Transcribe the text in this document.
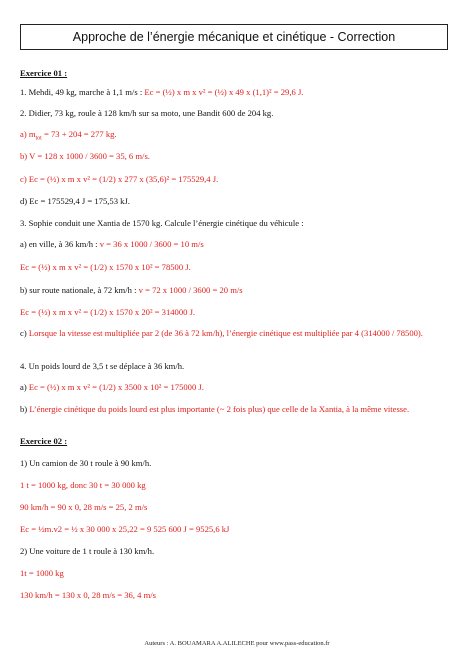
Approche de l’énergie mécanique et cinétique - Correction
Exercice 01 :
1. Mehdi, 49 kg, marche à 1,1 m/s : Ec = (½) x m x v² = (½) x 49 x (1,1)² = 29,6 J.
2. Didier, 73 kg, roule à 128 km/h sur sa moto, une Bandit 600 de 204 kg.
a) $m_{tot} = 73 + 204 = 277$ kg.
b) V = 128 x 1000 / 3600 = 35, 6 m/s.
c) Ec = (½) x m x v² = (1/2) x 277 x (35,6)² = 175529,4 J.
d) Ec = 175529,4 J = 175,53 kJ.
3. Sophie conduit une Xantia de 1570 kg. Calcule l’énergie cinétique du véhicule :
a) en ville, à 36 km/h : v = 36 x 1000 / 3600 = 10 m/s
Ec = (½) x m x v² = (1/2) x 1570 x 10² = 78500 J.
b) sur route nationale, à 72 km/h : v = 72 x 1000 / 3600 = 20 m/s
Ec = (½) x m x v² = (1/2) x 1570 x 20² = 314000 J.
c) Lorsque la vitesse est multipliée par 2 (de 36 à 72 km/h), l’énergie cinétique est multipliée par 4 (314000 / 78500).
4. Un poids lourd de 3,5 t se déplace à 36 km/h.
a) Ec = (½) x m x v² = (1/2) x 3500 x 10² = 175000 J.
b) L’énergie cinétique du poids lourd est plus importante (~ 2 fois plus) que celle de la Xantia, à la même vitesse.
Exercice 02 :
1) Un camion de 30 t roule à 90 km/h.
1 t = 1000 kg, donc 30 t = 30 000 kg
90 km/h = 90 x 0, 28 m/s = 25, 2 m/s
Ec = ½m.v2 = ½ x 30 000 x 25,22 = 9 525 600 J = 9525,6 kJ
2) Une voiture de 1 t roule à 130 km/h.
1t = 1000 kg
130 km/h = 130 x 0, 28 m/s = 36, 4 m/s
Auteurs : A. BOUAMARA A.ALILECHE pour www.pass-education.fr
